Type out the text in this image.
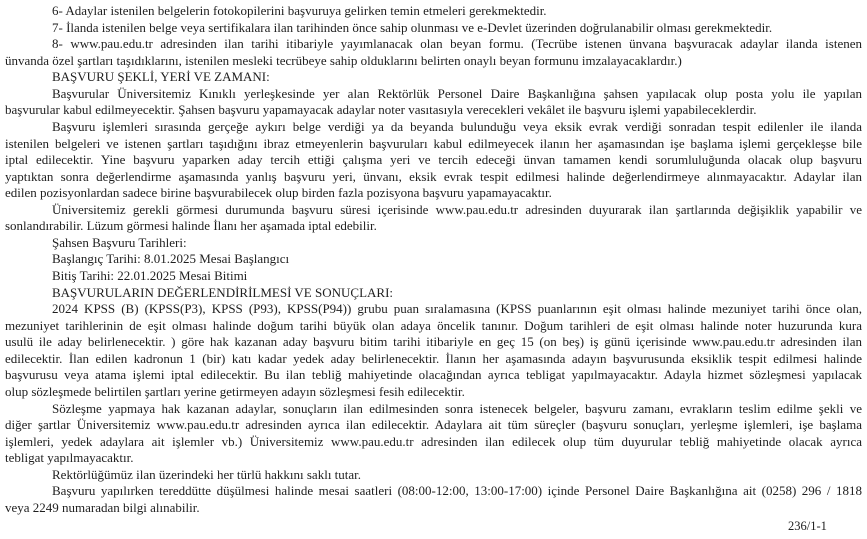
6- Adaylar istenilen belgelerin fotokopilerini başvuruya gelirken temin etmeleri gerekmektedir.
7- İlanda istenilen belge veya sertifikalara ilan tarihinden önce sahip olunması ve e-Devlet üzerinden doğrulanabilir olması gerekmektedir.
8- www.pau.edu.tr adresinden ilan tarihi itibariyle yayımlanacak olan beyan formu. (Tecrübe istenen ünvana başvuracak adaylar ilanda istenen
ünvanda özel şartları taşıdıklarını, istenilen mesleki tecrübeye sahip olduklarını belirten onaylı beyan formunu imzalayacaklardır.)
BAŞVURU ŞEKLİ, YERİ VE ZAMANI:
Başvurular Üniversitemiz Kınıklı yerleşkesinde yer alan Rektörlük Personel Daire Başkanlığına şahsen yapılacak olup posta yolu ile yapılan
başvurular kabul edilmeyecektir. Şahsen başvuru yapamayacak adaylar noter vasıtasıyla verecekleri vekâlet ile başvuru işlemi yapabileceklerdir.
Başvuru işlemleri sırasında gerçeğe aykırı belge verdiği ya da beyanda bulunduğu veya eksik evrak verdiği sonradan tespit edilenler ile ilanda
istenilen belgeleri ve istenen şartları taşıdığını ibraz etmeyenlerin başvuruları kabul edilmeyecek ilanın her aşamasından işe başlama işlemi gerçekleşse bile
iptal edilecektir. Yine başvuru yaparken aday tercih ettiği çalışma yeri ve tercih edeceği ünvan tamamen kendi sorumluluğunda olacak olup başvuru
yaptıktan sonra değerlendirme aşamasında yanlış başvuru yeri, ünvanı, eksik evrak tespit edilmesi halinde değerlendirmeye alınmayacaktır. Adaylar ilan
edilen pozisyonlardan sadece birine başvurabilecek olup birden fazla pozisyona başvuru yapamayacaktır.
Üniversitemiz gerekli görmesi durumunda başvuru süresi içerisinde www.pau.edu.tr adresinden duyurarak ilan şartlarında değişiklik yapabilir ve
sonlandırabilir. Lüzum görmesi halinde İlanı her aşamada iptal edebilir.
Şahsen Başvuru Tarihleri:
Başlangıç Tarihi: 8.01.2025 Mesai Başlangıcı
Bitiş Tarihi: 22.01.2025 Mesai Bitimi
BAŞVURULARIN DEĞERLENDİRİLMESİ VE SONUÇLARI:
2024 KPSS (B) (KPSS(P3), KPSS (P93), KPSS(P94)) grubu puan sıralamasına (KPSS puanlarının eşit olması halinde mezuniyet tarihi önce olan,
mezuniyet tarihlerinin de eşit olması halinde doğum tarihi büyük olan adaya öncelik tanınır. Doğum tarihleri de eşit olması halinde noter huzurunda kura
usulü ile aday belirlenecektir. ) göre hak kazanan aday başvuru bitim tarihi itibariyle en geç 15 (on beş) iş günü içerisinde www.pau.edu.tr adresinden ilan
edilecektir. İlan edilen kadronun 1 (bir) katı kadar yedek aday belirlenecektir. İlanın her aşamasında adayın başvurusunda eksiklik tespit edilmesi halinde
başvurusu veya atama işlemi iptal edilecektir. Bu ilan tebliğ mahiyetinde olacağından ayrıca tebligat yapılmayacaktır. Adayla hizmet sözleşmesi yapılacak
olup sözleşmede belirtilen şartları yerine getirmeyen adayın sözleşmesi fesih edilecektir.
Sözleşme yapmaya hak kazanan adaylar, sonuçların ilan edilmesinden sonra istenecek belgeler, başvuru zamanı, evrakların teslim edilme şekli ve
diğer şartlar Üniversitemiz www.pau.edu.tr adresinden ayrıca ilan edilecektir. Adaylara ait tüm süreçler (başvuru sonuçları, yerleşme işlemleri, işe başlama
işlemleri, yedek adaylara ait işlemler vb.) Üniversitemiz www.pau.edu.tr adresinden ilan edilecek olup tüm duyurular tebliğ mahiyetinde olacak ayrıca
tebligat yapılmayacaktır.
Rektörlüğümüz ilan üzerindeki her türlü hakkını saklı tutar.
Başvuru yapılırken tereddütte düşülmesi halinde mesai saatleri (08:00-12:00, 13:00-17:00) içinde Personel Daire Başkanlığına ait (0258) 296 / 1818
veya 2249 numaradan bilgi alınabilir.
236/1-1
